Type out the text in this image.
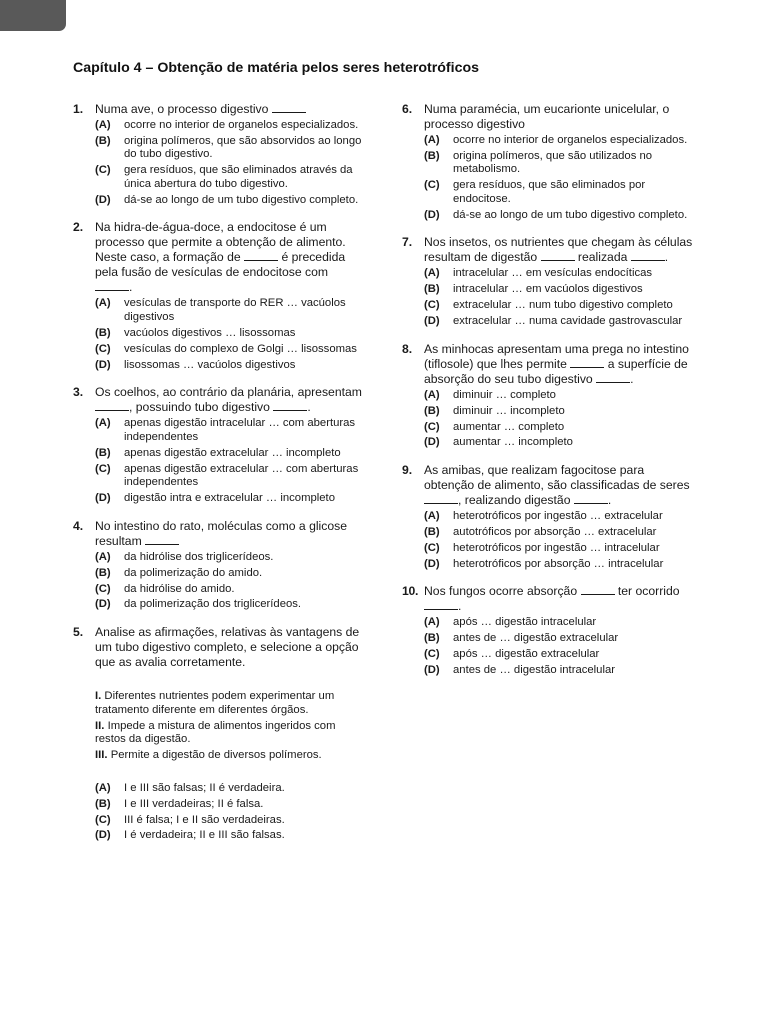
Capítulo 4 – Obtenção de matéria pelos seres heterotróficos
1. Numa ave, o processo digestivo
(A)	ocorre no interior de organelos especializados.
(B)	origina polímeros, que são absorvidos ao longo do tubo digestivo.
(C)	gera resíduos, que são eliminados através da única abertura do tubo digestivo.
(D)	dá-se ao longo de um tubo digestivo completo.
2. Na hidra-de-água-doce, a endocitose é um processo que permite a obtenção de alimento. Neste caso, a formação de	é precedida pela fusão de vesículas de endocitose com .
(A)	vesículas de transporte do RER … vacúolos digestivos
(B)	vacúolos digestivos … lisossomas
(C)	vesículas do complexo de Golgi … lisossomas
(D)	lisossomas … vacúolos digestivos
3. Os coelhos, ao contrário da planária, apresentam , possuindo tubo digestivo	.
(A)	apenas digestão intracelular … com aberturas independentes
(B)	apenas digestão extracelular … incompleto
(C)	apenas digestão extracelular … com aberturas independentes
(D)	digestão intra e extracelular … incompleto
4. No intestino do rato, moléculas como a glicose resultam
(A)	da hidrólise dos triglicerídeos.
(B)	da polimerização do amido.
(C)	da hidrólise do amido.
(D)	da polimerização dos triglicerídeos.
5. Analise as afirmações, relativas às vantagens de um tubo digestivo completo, e selecione a opção que as avalia corretamente.
I. Diferentes nutrientes podem experimentar um tratamento diferente em diferentes órgãos.
II. Impede a mistura de alimentos ingeridos com restos da digestão.
III. Permite a digestão de diversos polímeros.
(A)	I e III são falsas; II é verdadeira.
(B)	I e III verdadeiras; II é falsa.
(C)	III é falsa; I e II são verdadeiras.
(D)	I é verdadeira; II e III são falsas.
6. Numa paramécia, um eucarionte unicelular, o processo digestivo
(A)	ocorre no interior de organelos especializados.
(B)	origina polímeros, que são utilizados no metabolismo.
(C)	gera resíduos, que são eliminados por endocitose.
(D)	dá-se ao longo de um tubo digestivo completo.
7. Nos insetos, os nutrientes que chegam às células resultam de digestão	realizada	.
(A)	intracelular … em vesículas endocíticas
(B)	intracelular … em vacúolos digestivos
(C)	extracelular … num tubo digestivo completo
(D)	extracelular … numa cavidade gastrovascular
8. As minhocas apresentam uma prega no intestino (tiflosole) que lhes permite	a superfície de absorção do seu tubo digestivo	.
(A)	diminuir … completo
(B)	diminuir … incompleto
(C)	aumentar … completo
(D)	aumentar … incompleto
9. As amibas, que realizam fagocitose para obtenção de alimento, são classificadas de seres , realizando digestão	.
(A)	heterotróficos por ingestão … extracelular
(B)	autotróficos por absorção … extracelular
(C)	heterotróficos por ingestão … intracelular
(D)	heterotróficos por absorção … intracelular
10. Nos fungos ocorre absorção	ter ocorrido .
(A)	após … digestão intracelular
(B)	antes de … digestão extracelular
(C)	após … digestão extracelular
(D)	antes de … digestão intracelular
